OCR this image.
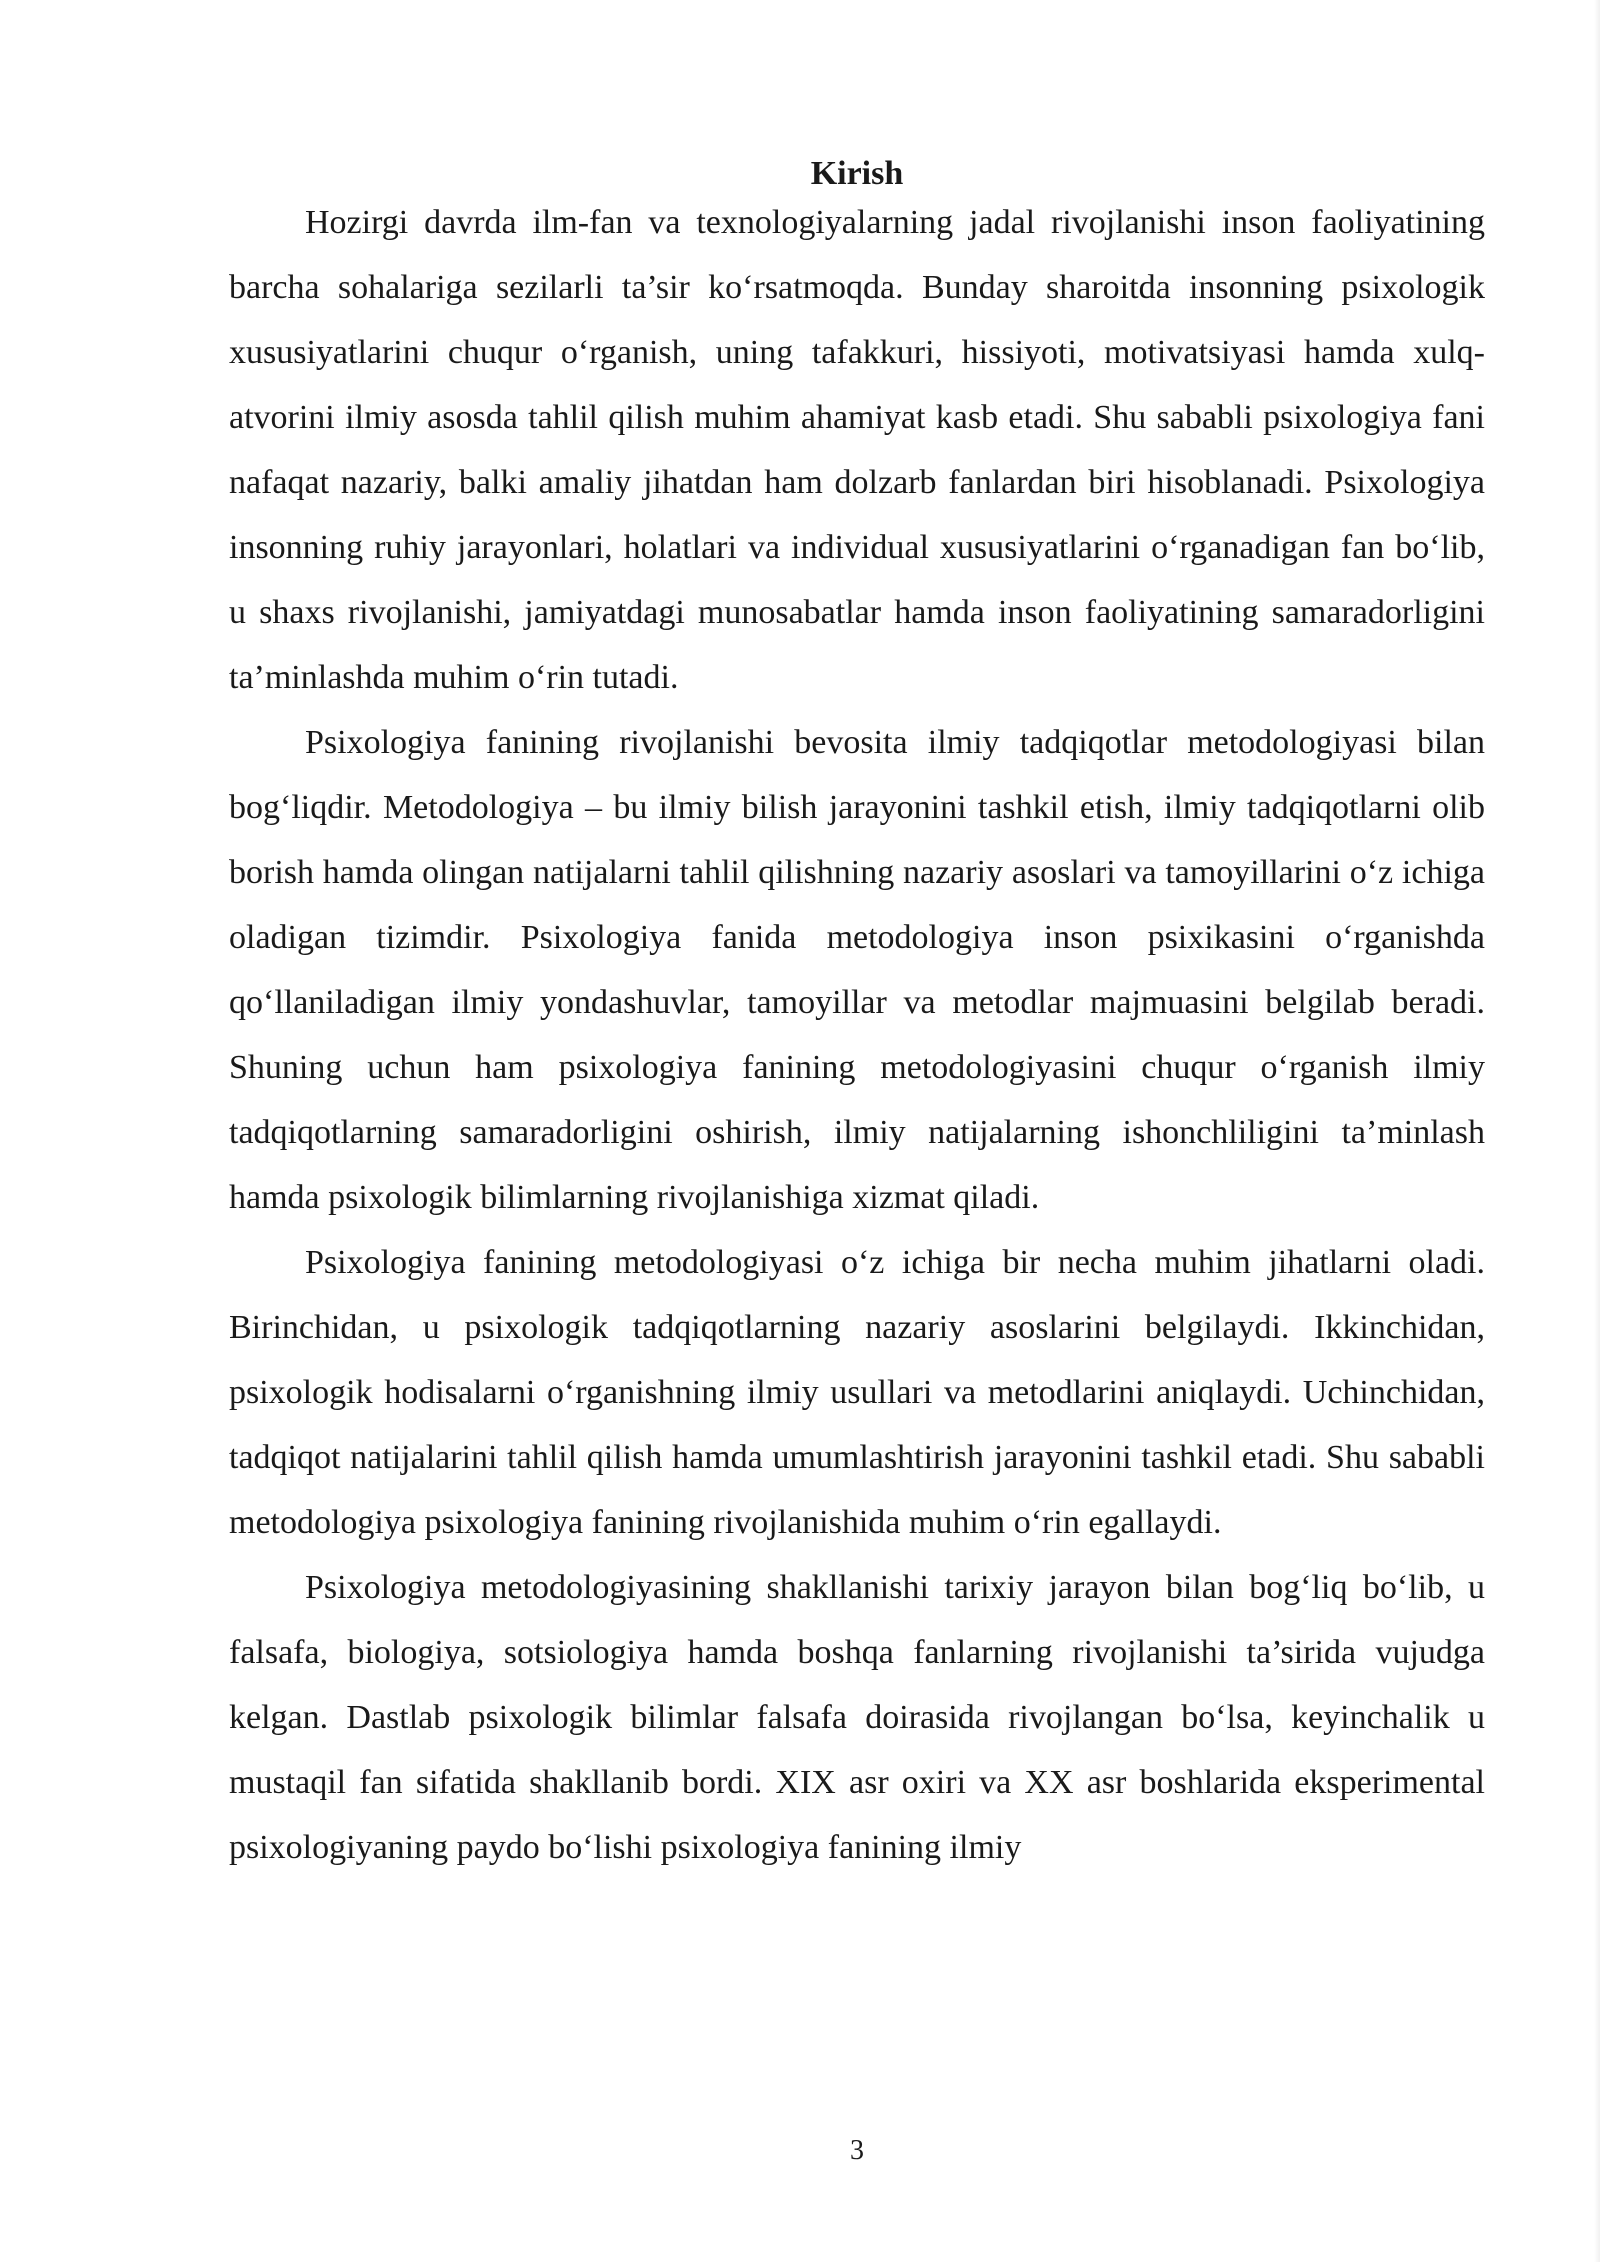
Kirish

Hozirgi davrda ilm-fan va texnologiyalarning jadal rivojlanishi inson faoliyatining barcha sohalariga sezilarli ta’sir ko‘rsatmoqda. Bunday sharoitda insonning psixologik xususiyatlarini chuqur o‘rganish, uning tafakkuri, hissiyoti, motivatsiyasi hamda xulq-atvorini ilmiy asosda tahlil qilish muhim ahamiyat kasb etadi. Shu sababli psixologiya fani nafaqat nazariy, balki amaliy jihatdan ham dolzarb fanlardan biri hisoblanadi. Psixologiya insonning ruhiy jarayonlari, holatlari va individual xususiyatlarini o‘rganadigan fan bo‘lib, u shaxs rivojlanishi, jamiyatdagi munosabatlar hamda inson faoliyatining samaradorligini ta’minlashda muhim o‘rin tutadi.

Psixologiya fanining rivojlanishi bevosita ilmiy tadqiqotlar metodologiyasi bilan bog‘liqdir. Metodologiya – bu ilmiy bilish jarayonini tashkil etish, ilmiy tadqiqotlarni olib borish hamda olingan natijalarni tahlil qilishning nazariy asoslari va tamoyillarini o‘z ichiga oladigan tizimdir. Psixologiya fanida metodologiya inson psixikasini o‘rganishda qo‘llaniladigan ilmiy yondashuvlar, tamoyillar va metodlar majmuasini belgilab beradi. Shuning uchun ham psixologiya fanining metodologiyasini chuqur o‘rganish ilmiy tadqiqotlarning samaradorligini oshirish, ilmiy natijalarning ishonchliligini ta’minlash hamda psixologik bilimlarning rivojlanishiga xizmat qiladi.

Psixologiya fanining metodologiyasi o‘z ichiga bir necha muhim jihatlarni oladi. Birinchidan, u psixologik tadqiqotlarning nazariy asoslarini belgilaydi. Ikkinchidan, psixologik hodisalarni o‘rganishning ilmiy usullari va metodlarini aniqlaydi. Uchinchidan, tadqiqot natijalarini tahlil qilish hamda umumlashtirish jarayonini tashkil etadi. Shu sababli metodologiya psixologiya fanining rivojlanishida muhim o‘rin egallaydi.

Psixologiya metodologiyasining shakllanishi tarixiy jarayon bilan bog‘liq bo‘lib, u falsafa, biologiya, sotsiologiya hamda boshqa fanlarning rivojlanishi ta’sirida vujudga kelgan. Dastlab psixologik bilimlar falsafa doirasida rivojlangan bo‘lsa, keyinchalik u mustaqil fan sifatida shakllanib bordi. XIX asr oxiri va XX asr boshlarida eksperimental psixologiyaning paydo bo‘lishi psixologiya fanining ilmiy

3
